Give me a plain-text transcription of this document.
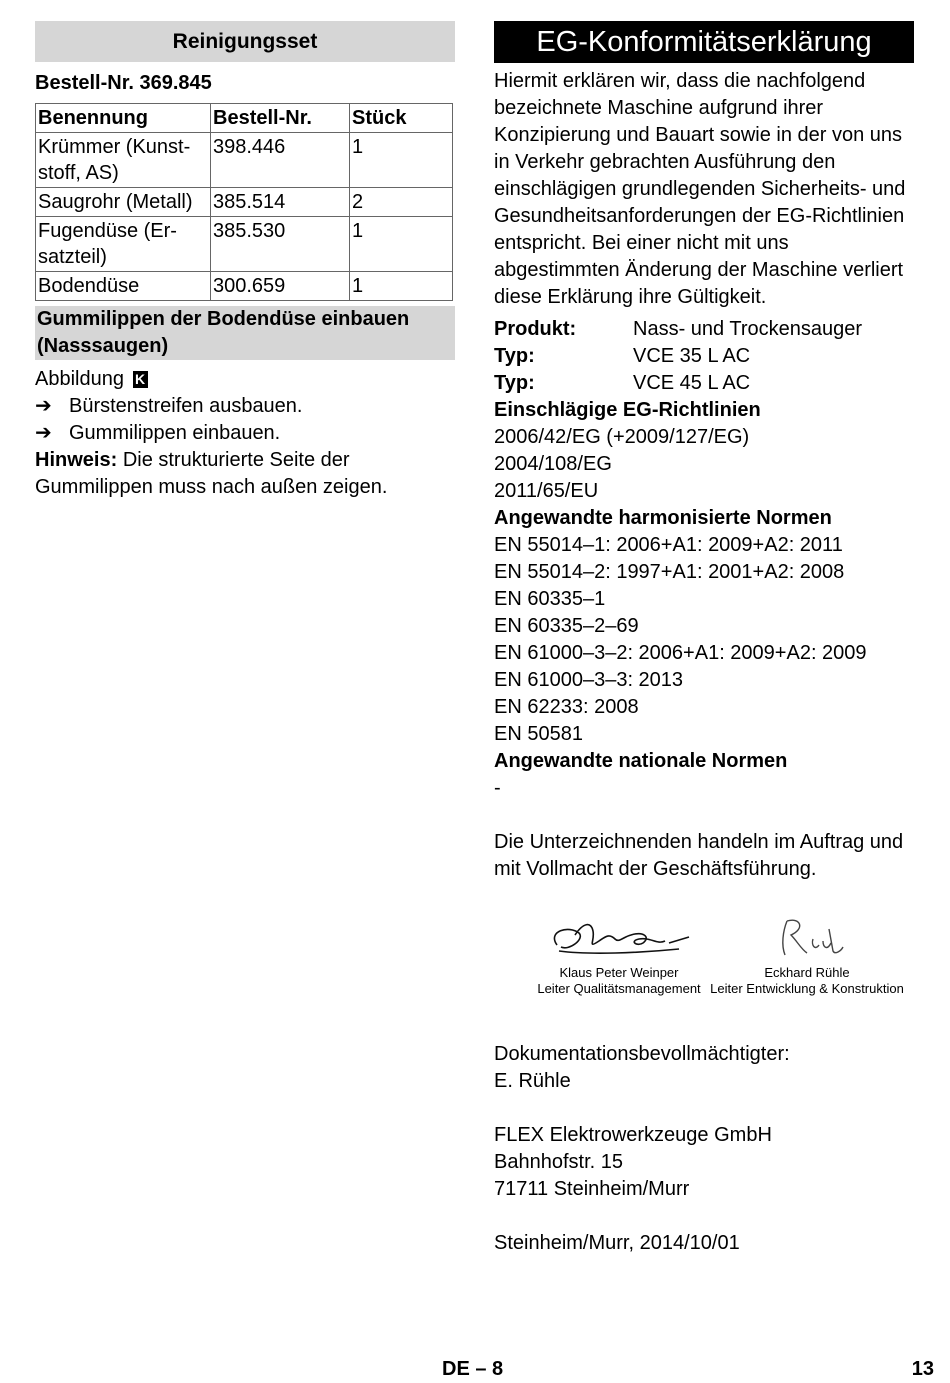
Reinigungsset
Bestell-Nr. 369.845
Benennung	Bestell-Nr.	Stück
Krümmer (Kunst-stoff, AS)	398.446	1
Saugrohr (Metall)	385.514	2
Fugendüse (Er-satzteil)	385.530	1
Bodendüse	300.659	1
Gummilippen der Bodendüse einbauen (Nasssaugen)
Abbildung K
➔ Bürstenstreifen ausbauen.
➔ Gummilippen einbauen.
Hinweis: Die strukturierte Seite der Gummilippen muss nach außen zeigen.
EG-Konformitätserklärung
Hiermit erklären wir, dass die nachfolgend bezeichnete Maschine aufgrund ihrer Konzipierung und Bauart sowie in der von uns in Verkehr gebrachten Ausführung den einschlägigen grundlegenden Sicherheits- und Gesundheitsanforderungen der EG-Richtlinien entspricht. Bei einer nicht mit uns abgestimmten Änderung der Maschine verliert diese Erklärung ihre Gültigkeit.
Produkt:	Nass- und Trockensauger
Typ:	VCE 35 L AC
Typ:	VCE 45 L AC
Einschlägige EG-Richtlinien
2006/42/EG (+2009/127/EG)
2004/108/EG
2011/65/EU
Angewandte harmonisierte Normen
EN 55014–1: 2006+A1: 2009+A2: 2011
EN 55014–2: 1997+A1: 2001+A2: 2008
EN 60335–1
EN 60335–2–69
EN 61000–3–2: 2006+A1: 2009+A2: 2009
EN 61000–3–3: 2013
EN 62233: 2008
EN 50581
Angewandte nationale Normen
-
Die Unterzeichnenden handeln im Auftrag und mit Vollmacht der Geschäftsführung.
Klaus Peter Weinper
Leiter Qualitätsmanagement
Eckhard Rühle
Leiter Entwicklung & Konstruktion
Dokumentationsbevollmächtigter:
E. Rühle
FLEX Elektrowerkzeuge GmbH
Bahnhofstr. 15
71711 Steinheim/Murr
Steinheim/Murr, 2014/10/01
DE – 8	13
